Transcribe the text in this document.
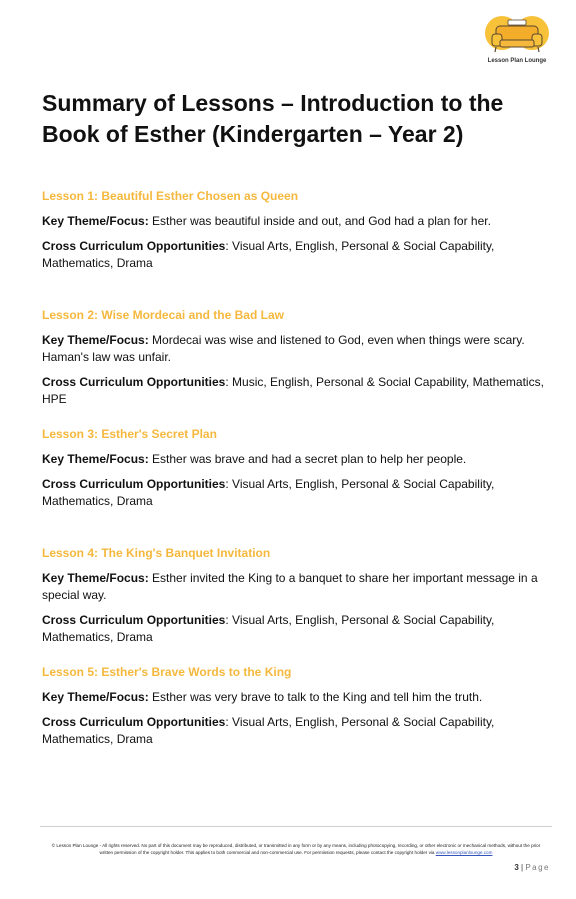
Lesson Plan Lounge
Summary of Lessons – Introduction to the Book of Esther (Kindergarten – Year 2)
Lesson 1: Beautiful Esther Chosen as Queen

Key Theme/Focus: Esther was beautiful inside and out, and God had a plan for her.

Cross Curriculum Opportunities: Visual Arts, English, Personal & Social Capability, Mathematics, Drama

Lesson 2: Wise Mordecai and the Bad Law

Key Theme/Focus: Mordecai was wise and listened to God, even when things were scary. Haman's law was unfair.

Cross Curriculum Opportunities: Music, English, Personal & Social Capability, Mathematics, HPE

Lesson 3: Esther's Secret Plan

Key Theme/Focus: Esther was brave and had a secret plan to help her people.

Cross Curriculum Opportunities: Visual Arts, English, Personal & Social Capability, Mathematics, Drama

Lesson 4: The King's Banquet Invitation

Key Theme/Focus: Esther invited the King to a banquet to share her important message in a special way.

Cross Curriculum Opportunities: Visual Arts, English, Personal & Social Capability, Mathematics, Drama

Lesson 5: Esther's Brave Words to the King

Key Theme/Focus: Esther was very brave to talk to the King and tell him the truth.

Cross Curriculum Opportunities: Visual Arts, English, Personal & Social Capability, Mathematics, Drama

© Lesson Plan Lounge - All rights reserved. No part of this document may be reproduced, distributed, or transmitted in any form or by any means, including photocopying, recording, or other electronic or mechanical methods, without the prior written permission of the copyright holder. This applies to both commercial and non-commercial use. For permission requests, please contact the copyright holder via www.lessonplanlounge.com

3 | Page
